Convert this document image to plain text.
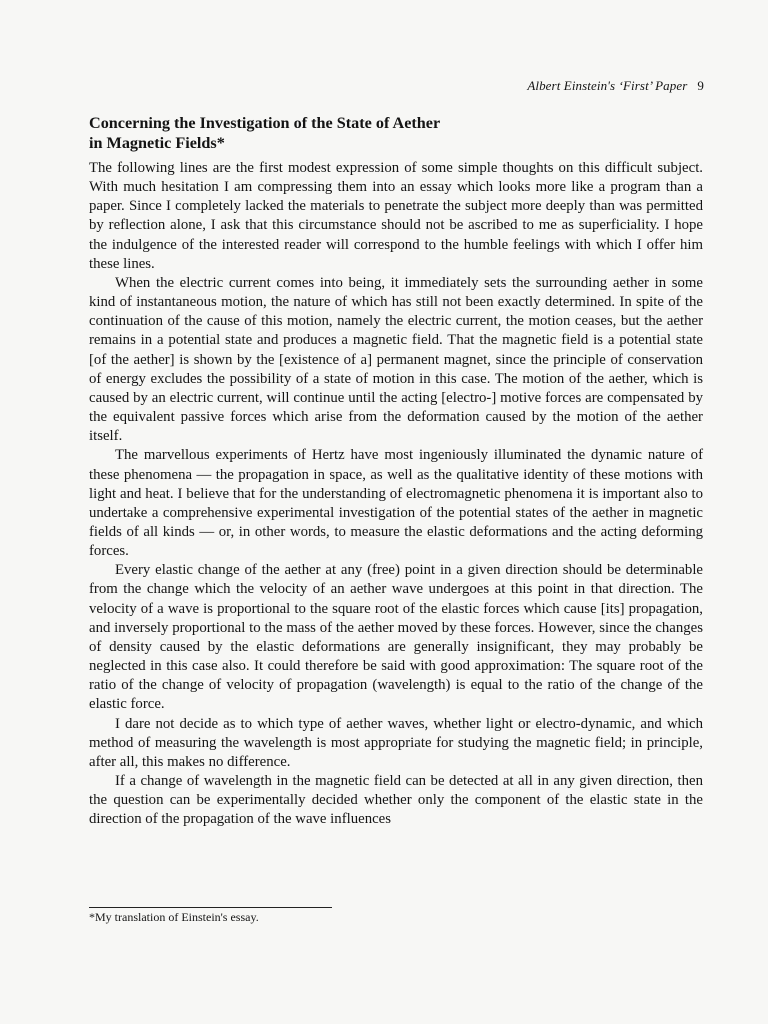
Albert Einstein's ‘First’ Paper 9
Concerning the Investigation of the State of Aether
in Magnetic Fields*

The following lines are the first modest expression of some simple thoughts on this difficult subject. With much hesitation I am compressing them into an essay which looks more like a program than a paper. Since I completely lacked the materials to penetrate the subject more deeply than was permitted by reflection alone, I ask that this circumstance should not be ascribed to me as superficiality. I hope the indulgence of the interested reader will correspond to the humble feelings with which I offer him these lines.

When the electric current comes into being, it immediately sets the surrounding aether in some kind of instantaneous motion, the nature of which has still not been exactly determined. In spite of the continuation of the cause of this motion, namely the electric current, the motion ceases, but the aether remains in a potential state and produces a magnetic field. That the magnetic field is a potential state [of the aether] is shown by the [existence of a] permanent magnet, since the principle of conservation of energy excludes the possibility of a state of motion in this case. The motion of the aether, which is caused by an electric current, will continue until the acting [electro-] motive forces are compensated by the equivalent passive forces which arise from the deformation caused by the motion of the aether itself.

The marvellous experiments of Hertz have most ingeniously illuminated the dynamic nature of these phenomena — the propagation in space, as well as the qualitative identity of these motions with light and heat. I believe that for the understanding of electromagnetic phenomena it is important also to undertake a comprehensive experimental investigation of the potential states of the aether in magnetic fields of all kinds — or, in other words, to measure the elastic deformations and the acting deforming forces.

Every elastic change of the aether at any (free) point in a given direction should be determinable from the change which the velocity of an aether wave undergoes at this point in that direction. The velocity of a wave is proportional to the square root of the elastic forces which cause [its] propagation, and inversely proportional to the mass of the aether moved by these forces. However, since the changes of density caused by the elastic deformations are generally insignificant, they may probably be neglected in this case also. It could therefore be said with good approximation: The square root of the ratio of the change of velocity of propagation (wavelength) is equal to the ratio of the change of the elastic force.

I dare not decide as to which type of aether waves, whether light or electro-dynamic, and which method of measuring the wavelength is most appropriate for studying the magnetic field; in principle, after all, this makes no difference.

If a change of wavelength in the magnetic field can be detected at all in any given direction, then the question can be experimentally decided whether only the component of the elastic state in the direction of the propagation of the wave influences

*My translation of Einstein's essay.
